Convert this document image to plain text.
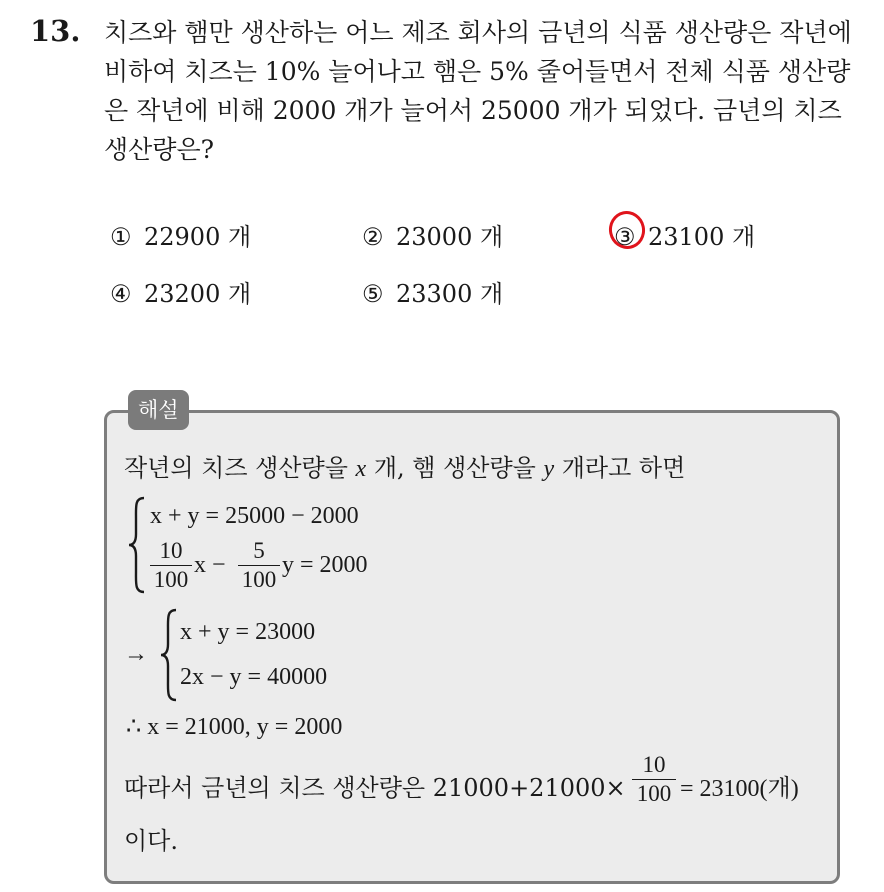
13. 치즈와 햄만 생산하는 어느 제조 회사의 금년의 식품 생산량은 작년에
비하여 치즈는 10% 늘어나고 햄은 5% 줄어들면서 전체 식품 생산량
은 작년에 비해 2000 개가 늘어서 25000 개가 되었다. 금년의 치즈
생산량은?
① 22900 개	② 23000 개	③ 23100 개
④ 23200 개	⑤ 23300 개
해설
작년의 치즈 생산량을 x 개, 햄 생산량을 y 개라고 하면
x + y = 25000 − 2000
10
100
x −
5
100
y = 2000
→
x + y = 23000
2x − y = 40000
∴ x = 21000, y = 2000
따라서 금년의 치즈 생산량은 21000+21000×
10
100 = 23100(개)
이다.
